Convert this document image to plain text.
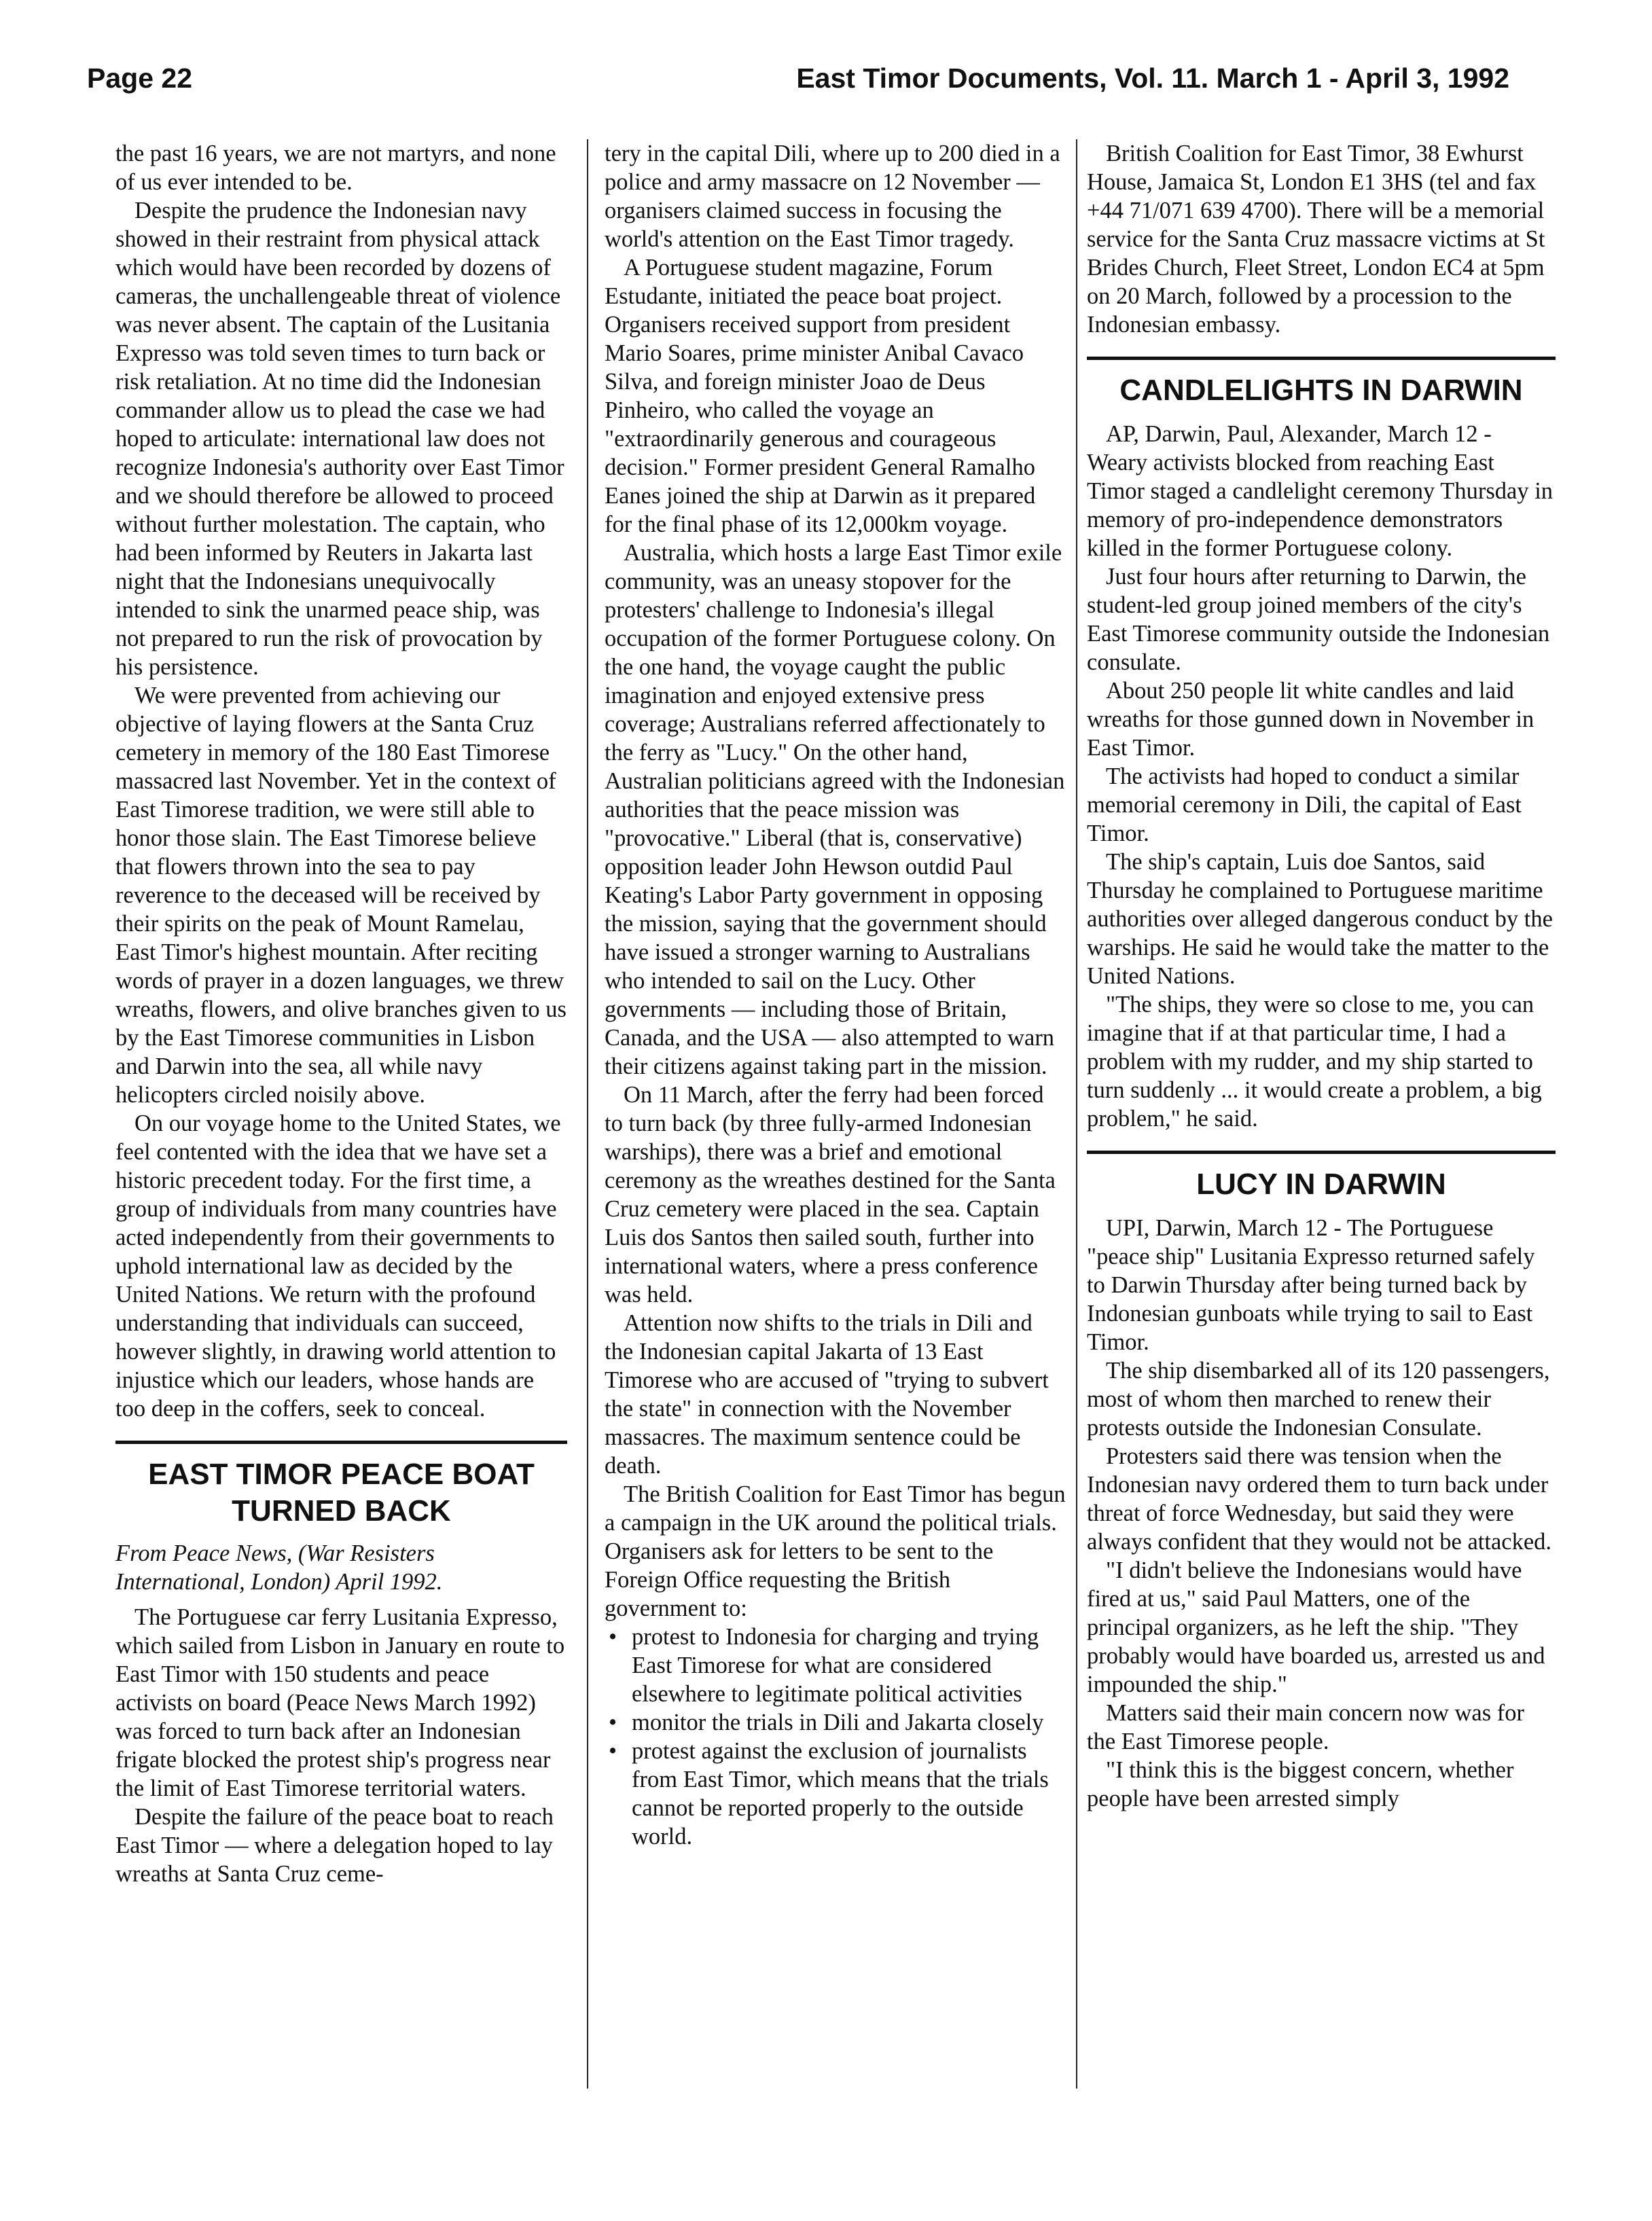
Page 22	East Timor Documents, Vol. 11. March 1 - April 3, 1992

the past 16 years, we are not martyrs, and none of us ever intended to be.

Despite the prudence the Indonesian navy showed in their restraint from physical attack which would have been recorded by dozens of cameras, the unchallengeable threat of violence was never absent. The captain of the Lusitania Expresso was told seven times to turn back or risk retaliation. At no time did the Indonesian commander allow us to plead the case we had hoped to articulate: international law does not recognize Indonesia's authority over East Timor and we should therefore be allowed to proceed without further molestation. The captain, who had been informed by Reuters in Jakarta last night that the Indonesians unequivocally intended to sink the unarmed peace ship, was not prepared to run the risk of provocation by his persistence.

We were prevented from achieving our objective of laying flowers at the Santa Cruz cemetery in memory of the 180 East Timorese massacred last November. Yet in the context of East Timorese tradition, we were still able to honor those slain. The East Timorese believe that flowers thrown into the sea to pay reverence to the deceased will be received by their spirits on the peak of Mount Ramelau, East Timor's highest mountain. After reciting words of prayer in a dozen languages, we threw wreaths, flowers, and olive branches given to us by the East Timorese communities in Lisbon and Darwin into the sea, all while navy helicopters circled noisily above.

On our voyage home to the United States, we feel contented with the idea that we have set a historic precedent today. For the first time, a group of individuals from many countries have acted independently from their governments to uphold international law as decided by the United Nations. We return with the profound understanding that individuals can succeed, however slightly, in drawing world attention to injustice which our leaders, whose hands are too deep in the coffers, seek to conceal.

EAST TIMOR PEACE BOAT TURNED BACK

From Peace News, (War Resisters International, London) April 1992.

The Portuguese car ferry Lusitania Expresso, which sailed from Lisbon in January en route to East Timor with 150 students and peace activists on board (Peace News March 1992) was forced to turn back after an Indonesian frigate blocked the protest ship's progress near the limit of East Timorese territorial waters.

Despite the failure of the peace boat to reach East Timor — where a delegation hoped to lay wreaths at Santa Cruz ceme-

tery in the capital Dili, where up to 200 died in a police and army massacre on 12 November — organisers claimed success in focusing the world's attention on the East Timor tragedy.

A Portuguese student magazine, Forum Estudante, initiated the peace boat project. Organisers received support from president Mario Soares, prime minister Anibal Cavaco Silva, and foreign minister Joao de Deus Pinheiro, who called the voyage an "extraordinarily generous and courageous decision." Former president General Ramalho Eanes joined the ship at Darwin as it prepared for the final phase of its 12,000km voyage.

Australia, which hosts a large East Timor exile community, was an uneasy stopover for the protesters' challenge to Indonesia's illegal occupation of the former Portuguese colony. On the one hand, the voyage caught the public imagination and enjoyed extensive press coverage; Australians referred affectionately to the ferry as "Lucy." On the other hand, Australian politicians agreed with the Indonesian authorities that the peace mission was "provocative." Liberal (that is, conservative) opposition leader John Hewson outdid Paul Keating's Labor Party government in opposing the mission, saying that the government should have issued a stronger warning to Australians who intended to sail on the Lucy. Other governments — including those of Britain, Canada, and the USA — also attempted to warn their citizens against taking part in the mission.

On 11 March, after the ferry had been forced to turn back (by three fully-armed Indonesian warships), there was a brief and emotional ceremony as the wreathes destined for the Santa Cruz cemetery were placed in the sea. Captain Luis dos Santos then sailed south, further into international waters, where a press conference was held.

Attention now shifts to the trials in Dili and the Indonesian capital Jakarta of 13 East Timorese who are accused of "trying to subvert the state" in connection with the November massacres. The maximum sentence could be death.

The British Coalition for East Timor has begun a campaign in the UK around the political trials. Organisers ask for letters to be sent to the Foreign Office requesting the British government to:

• protest to Indonesia for charging and trying East Timorese for what are considered elsewhere to legitimate political activities
• monitor the trials in Dili and Jakarta closely
• protest against the exclusion of journalists from East Timor, which means that the trials cannot be reported properly to the outside world.

British Coalition for East Timor, 38 Ewhurst House, Jamaica St, London E1 3HS (tel and fax +44 71/071 639 4700). There will be a memorial service for the Santa Cruz massacre victims at St Brides Church, Fleet Street, London EC4 at 5pm on 20 March, followed by a procession to the Indonesian embassy.

CANDLELIGHTS IN DARWIN

AP, Darwin, Paul, Alexander, March 12 - Weary activists blocked from reaching East Timor staged a candlelight ceremony Thursday in memory of pro-independence demonstrators killed in the former Portuguese colony.

Just four hours after returning to Darwin, the student-led group joined members of the city's East Timorese community outside the Indonesian consulate.

About 250 people lit white candles and laid wreaths for those gunned down in November in East Timor.

The activists had hoped to conduct a similar memorial ceremony in Dili, the capital of East Timor.

The ship's captain, Luis doe Santos, said Thursday he complained to Portuguese maritime authorities over alleged dangerous conduct by the warships. He said he would take the matter to the United Nations.

"The ships, they were so close to me, you can imagine that if at that particular time, I had a problem with my rudder, and my ship started to turn suddenly ... it would create a problem, a big problem," he said.

LUCY IN DARWIN

UPI, Darwin, March 12 - The Portuguese "peace ship" Lusitania Expresso returned safely to Darwin Thursday after being turned back by Indonesian gunboats while trying to sail to East Timor.

The ship disembarked all of its 120 passengers, most of whom then marched to renew their protests outside the Indonesian Consulate.

Protesters said there was tension when the Indonesian navy ordered them to turn back under threat of force Wednesday, but said they were always confident that they would not be attacked.

"I didn't believe the Indonesians would have fired at us," said Paul Matters, one of the principal organizers, as he left the ship. "They probably would have boarded us, arrested us and impounded the ship."

Matters said their main concern now was for the East Timorese people.

"I think this is the biggest concern, whether people have been arrested simply
